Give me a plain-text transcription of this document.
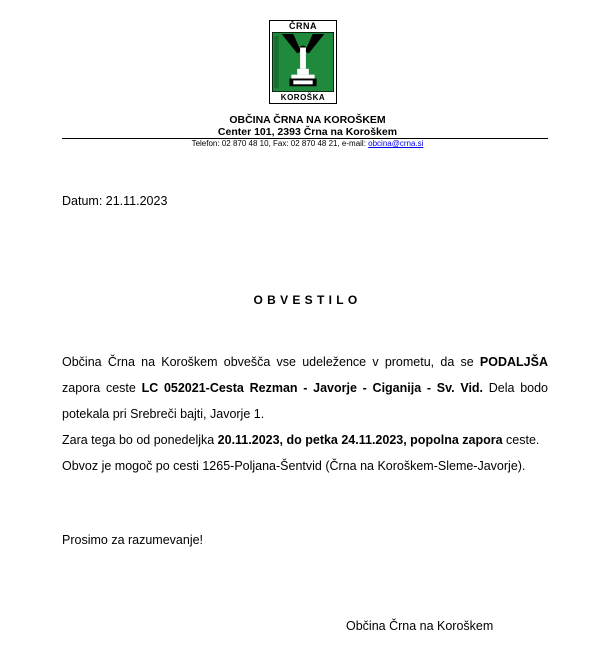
ČRNA
KOROŠKA
OBČINA ČRNA NA KOROŠKEM
Center 101, 2393 Črna na Koroškem
Telefon: 02 870 48 10, Fax: 02 870 48 21, e-mail: obcina@crna.si
Datum: 21.11.2023
OBVESTILO

Občina Črna na Koroškem obvešča vse udeležence v prometu, da se PODALJŠA zapora ceste LC 052021-Cesta Rezman - Javorje - Ciganija - Sv. Vid. Dela bodo potekala pri Srebreči bajti, Javorje 1.

Zara tega bo od ponedeljka 20.11.2023, do petka 24.11.2023, popolna zapora ceste.

Obvoz je mogoč po cesti 1265-Poljana-Šentvid (Črna na Koroškem-Sleme-Javorje).

Prosimo za razumevanje!
Občina Črna na Koroškem
